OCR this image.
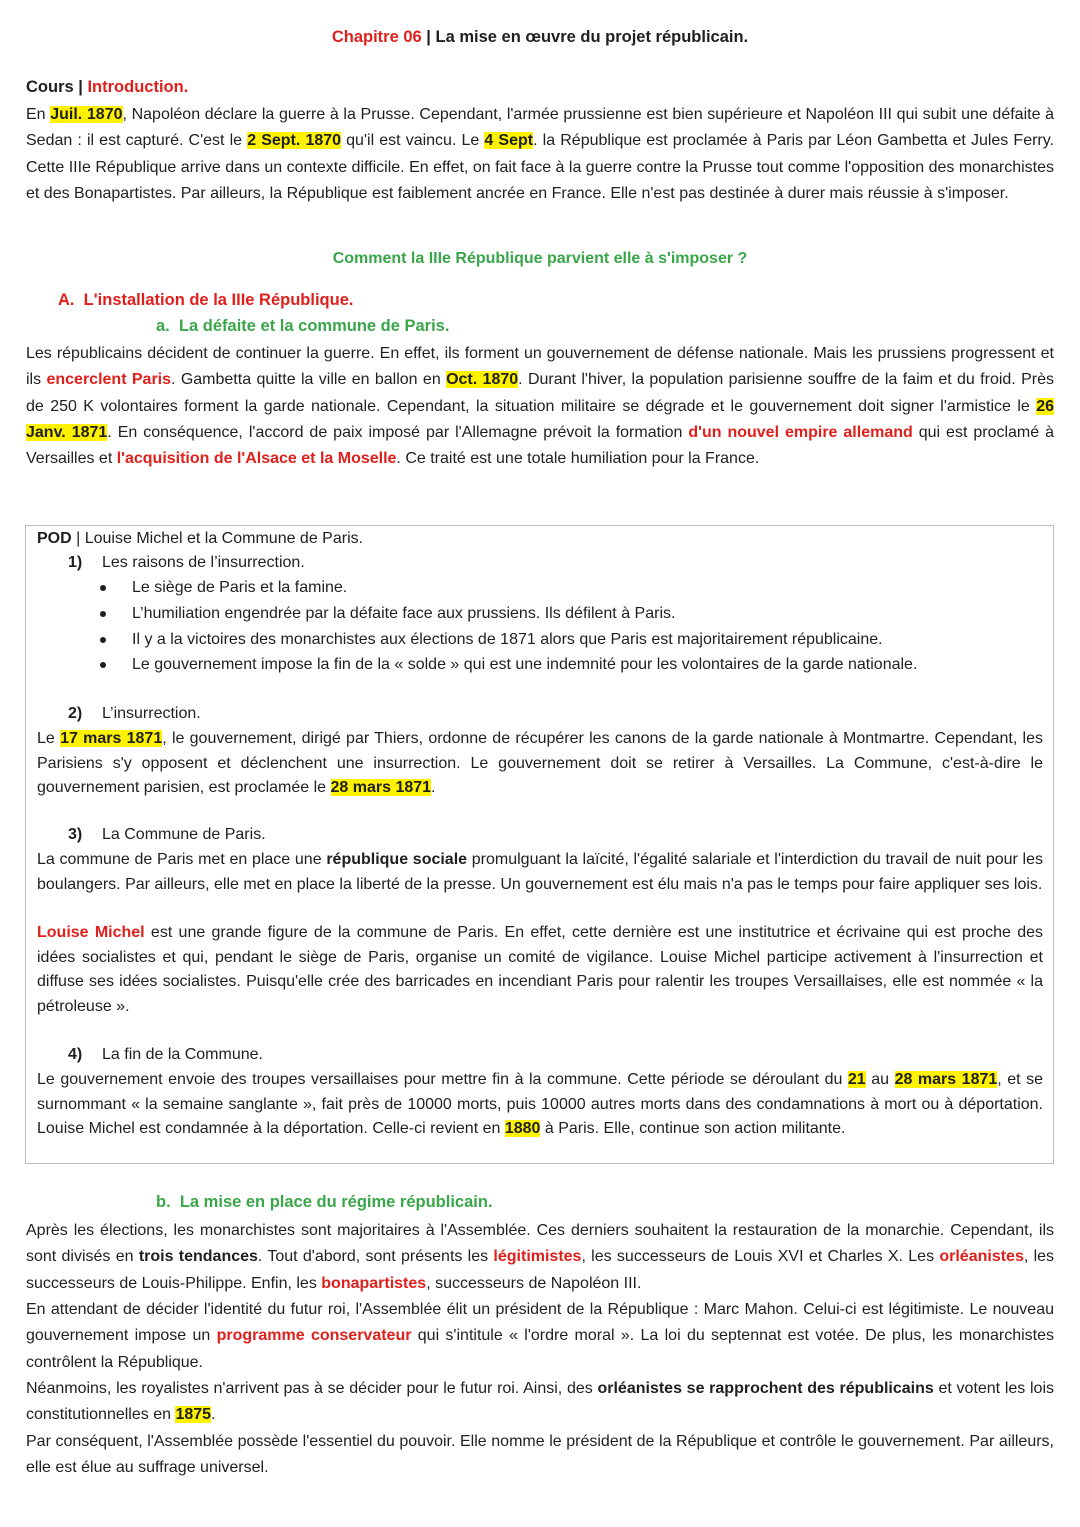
Chapitre 06 | La mise en œuvre du projet républicain.
Cours | Introduction.
En Juil. 1870, Napoléon déclare la guerre à la Prusse. Cependant, l'armée prussienne est bien supérieure et Napoléon III qui subit une défaite à Sedan : il est capturé. C'est le 2 Sept. 1870 qu'il est vaincu. Le 4 Sept. la République est proclamée à Paris par Léon Gambetta et Jules Ferry. Cette IIIe République arrive dans un contexte difficile. En effet, on fait face à la guerre contre la Prusse tout comme l'opposition des monarchistes et des Bonapartistes. Par ailleurs, la République est faiblement ancrée en France. Elle n'est pas destinée à durer mais réussie à s'imposer.
Comment la IIIe République parvient elle à s'imposer ?
A. L'installation de la IIIe République.
a. La défaite et la commune de Paris.
Les républicains décident de continuer la guerre. En effet, ils forment un gouvernement de défense nationale. Mais les prussiens progressent et ils encerclent Paris. Gambetta quitte la ville en ballon en Oct. 1870. Durant l'hiver, la population parisienne souffre de la faim et du froid. Près de 250 K volontaires forment la garde nationale. Cependant, la situation militaire se dégrade et le gouvernement doit signer l'armistice le 26 Janv. 1871. En conséquence, l'accord de paix imposé par l'Allemagne prévoit la formation d'un nouvel empire allemand qui est proclamé à Versailles et l'acquisition de l'Alsace et la Moselle. Ce traité est une totale humiliation pour la France.
POD | Louise Michel et la Commune de Paris.
1) Les raisons de l’insurrection.
Le siège de Paris et la famine.
L’humiliation engendrée par la défaite face aux prussiens. Ils défilent à Paris.
Il y a la victoires des monarchistes aux élections de 1871 alors que Paris est majoritairement républicaine.
Le gouvernement impose la fin de la « solde » qui est une indemnité pour les volontaires de la garde nationale.
2) L’insurrection.
Le 17 mars 1871, le gouvernement, dirigé par Thiers, ordonne de récupérer les canons de la garde nationale à Montmartre. Cependant, les Parisiens s'y opposent et déclenchent une insurrection. Le gouvernement doit se retirer à Versailles. La Commune, c'est-à-dire le gouvernement parisien, est proclamée le 28 mars 1871.
3) La Commune de Paris.
La commune de Paris met en place une république sociale promulguant la laïcité, l'égalité salariale et l'interdiction du travail de nuit pour les boulangers. Par ailleurs, elle met en place la liberté de la presse. Un gouvernement est élu mais n'a pas le temps pour faire appliquer ses lois.
Louise Michel est une grande figure de la commune de Paris. En effet, cette dernière est une institutrice et écrivaine qui est proche des idées socialistes et qui, pendant le siège de Paris, organise un comité de vigilance. Louise Michel participe activement à l'insurrection et diffuse ses idées socialistes. Puisqu'elle crée des barricades en incendiant Paris pour ralentir les troupes Versaillaises, elle est nommée « la pétroleuse ».
4) La fin de la Commune.
Le gouvernement envoie des troupes versaillaises pour mettre fin à la commune. Cette période se déroulant du 21 au 28 mars 1871, et se surnommant « la semaine sanglante », fait près de 10000 morts, puis 10000 autres morts dans des condamnations à mort ou à déportation. Louise Michel est condamnée à la déportation. Celle-ci revient en 1880 à Paris. Elle, continue son action militante.
b. La mise en place du régime républicain.
Après les élections, les monarchistes sont majoritaires à l'Assemblée. Ces derniers souhaitent la restauration de la monarchie. Cependant, ils sont divisés en trois tendances. Tout d'abord, sont présents les légitimistes, les successeurs de Louis XVI et Charles X. Les orléanistes, les successeurs de Louis-Philippe. Enfin, les bonapartistes, successeurs de Napoléon III.
En attendant de décider l'identité du futur roi, l'Assemblée élit un président de la République : Marc Mahon. Celui-ci est légitimiste. Le nouveau gouvernement impose un programme conservateur qui s'intitule « l'ordre moral ». La loi du septennat est votée. De plus, les monarchistes contrôlent la République.
Néanmoins, les royalistes n'arrivent pas à se décider pour le futur roi. Ainsi, des orléanistes se rapprochent des républicains et votent les lois constitutionnelles en 1875.
Par conséquent, l'Assemblée possède l'essentiel du pouvoir. Elle nomme le président de la République et contrôle le gouvernement. Par ailleurs, elle est élue au suffrage universel.
